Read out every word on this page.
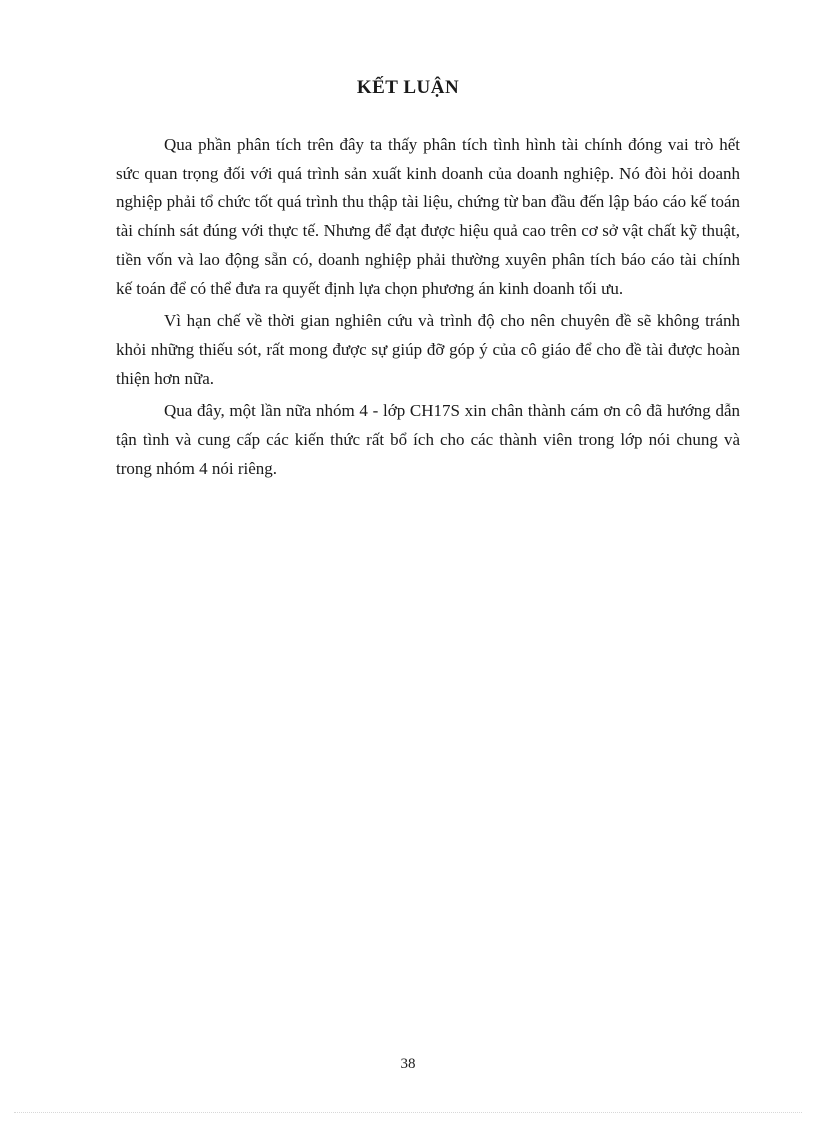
KẾT LUẬN

Qua phần phân tích trên đây ta thấy phân tích tình hình tài chính đóng vai trò hết sức quan trọng đối với quá trình sản xuất kinh doanh của doanh nghiệp. Nó đòi hỏi doanh nghiệp phải tổ chức tốt quá trình thu thập tài liệu, chứng từ ban đầu đến lập báo cáo kế toán tài chính sát đúng với thực tế. Nhưng để đạt được hiệu quả cao trên cơ sở vật chất kỹ thuật, tiền vốn và lao động sẵn có, doanh nghiệp phải thường xuyên phân tích báo cáo tài chính kế toán để có thể đưa ra quyết định lựa chọn phương án kinh doanh tối ưu.

Vì hạn chế về thời gian nghiên cứu và trình độ cho nên chuyên đề sẽ không tránh khỏi những thiếu sót, rất mong được sự giúp đỡ góp ý của cô giáo để cho đề tài được hoàn thiện hơn nữa.

Qua đây, một lần nữa nhóm 4 - lớp CH17S xin chân thành cám ơn cô đã hướng dẫn tận tình và cung cấp các kiến thức rất bổ ích cho các thành viên trong lớp nói chung và trong nhóm 4 nói riêng.

38
